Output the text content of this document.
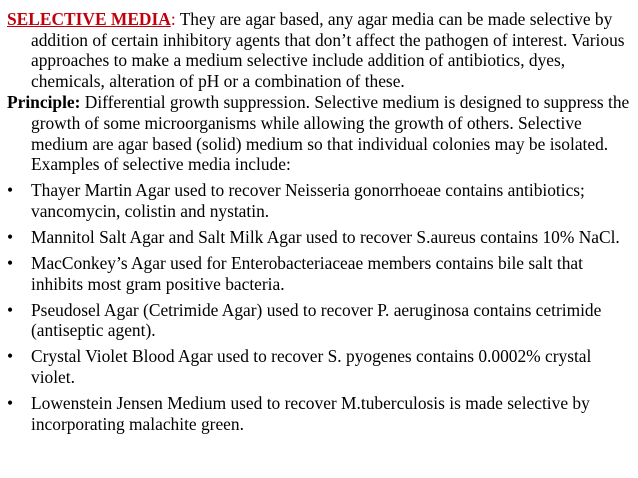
SELECTIVE MEDIA: They are agar based, any agar media can be made selective by addition of certain inhibitory agents that don’t affect the pathogen of interest. Various approaches to make a medium selective include addition of antibiotics, dyes, chemicals, alteration of pH or a combination of these.

Principle: Differential growth suppression. Selective medium is designed to suppress the growth of some microorganisms while allowing the growth of others. Selective medium are agar based (solid) medium so that individual colonies may be isolated. Examples of selective media include:

•	Thayer Martin Agar used to recover Neisseria gonorrhoeae contains antibiotics; vancomycin, colistin and nystatin.
•	Mannitol Salt Agar and Salt Milk Agar used to recover S.aureus contains 10% NaCl.
•	MacConkey’s Agar used for Enterobacteriaceae members contains bile salt that inhibits most gram positive bacteria.
•	Pseudosel Agar (Cetrimide Agar) used to recover P. aeruginosa contains cetrimide (antiseptic agent).
•	Crystal Violet Blood Agar used to recover S. pyogenes contains 0.0002% crystal violet.
•	Lowenstein Jensen Medium used to recover M.tuberculosis is made selective by incorporating malachite green.
